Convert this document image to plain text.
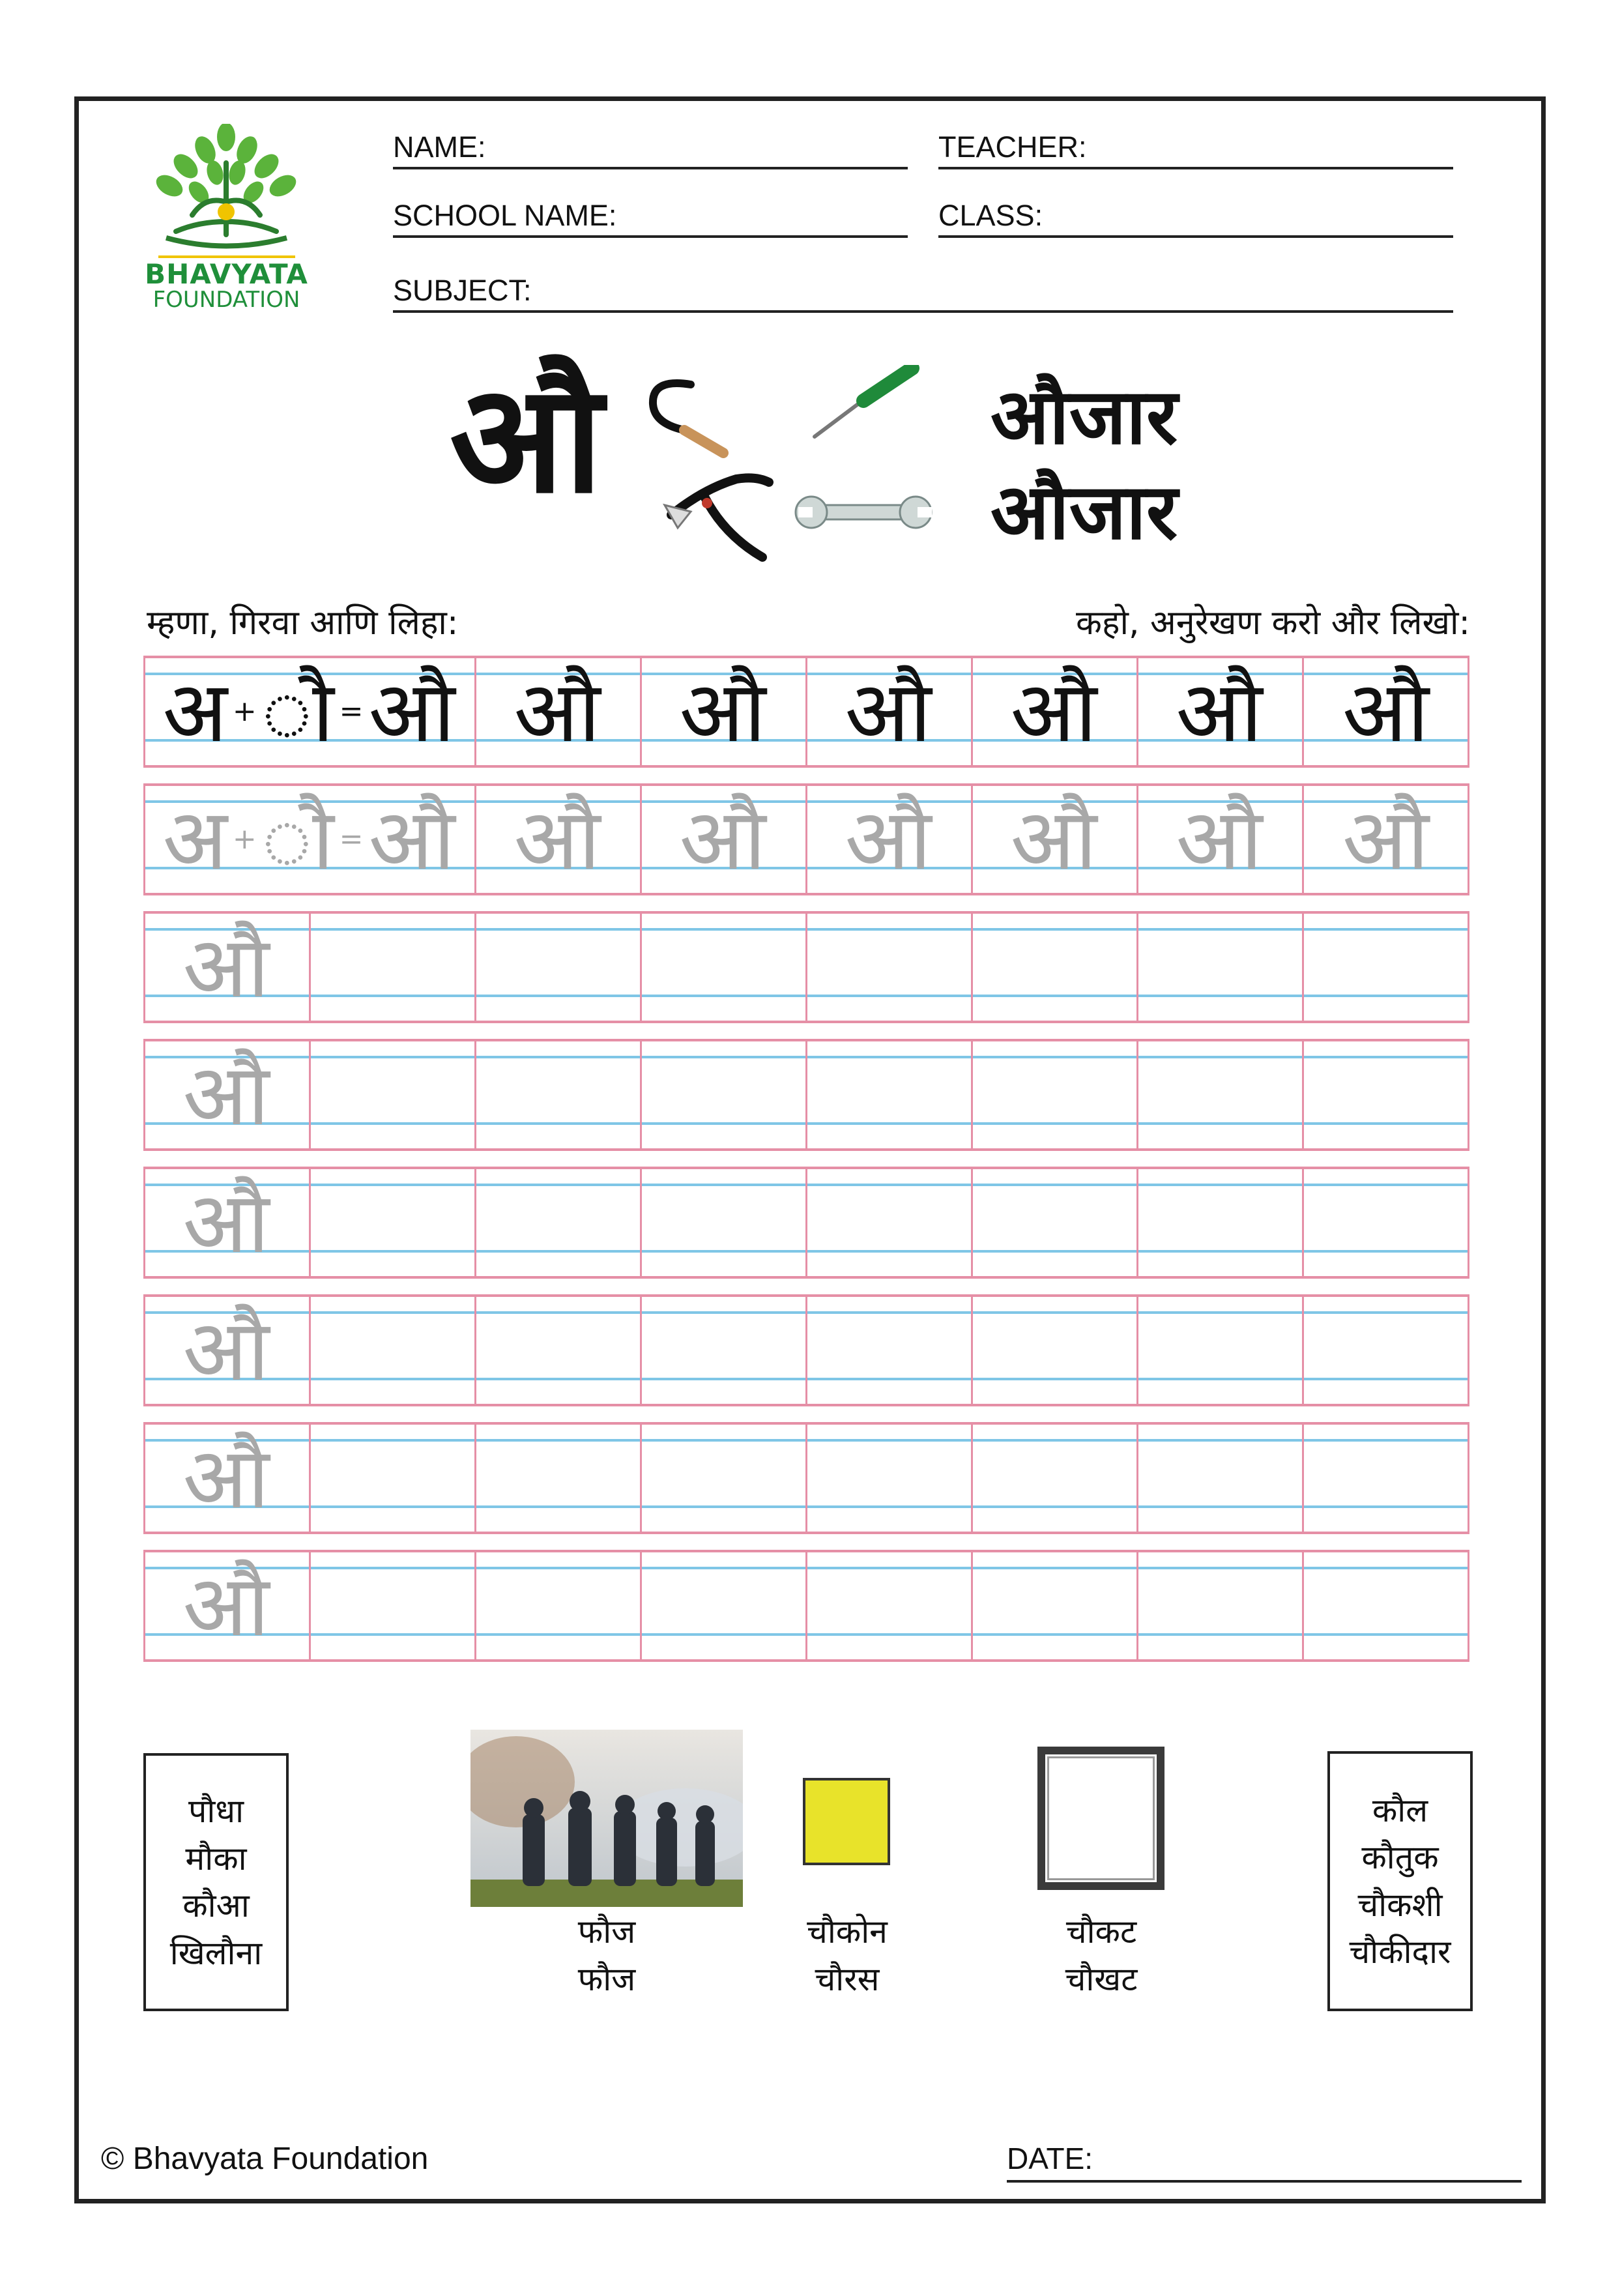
BHAVYATA
FOUNDATION
NAME:	TEACHER:
SCHOOL NAME:	CLASS:
SUBJECT:
औ	औजार
औजार
म्हणा, गिरवा आणि लिहा:	कहो, अनुरेखण करो और लिखो:
अ + ौ = औ औ औ औ औ औ औ
अ + ौ = औ औ औ औ औ औ औ
औ
औ
औ
औ
औ
औ
पौधा
मौका
कौआ
खिलौना
फौज
फौज
चौकोन
चौरस
चौकट
चौखट
कौल
कौतुक
चौकशी
चौकीदार
© Bhavyata Foundation	DATE:
